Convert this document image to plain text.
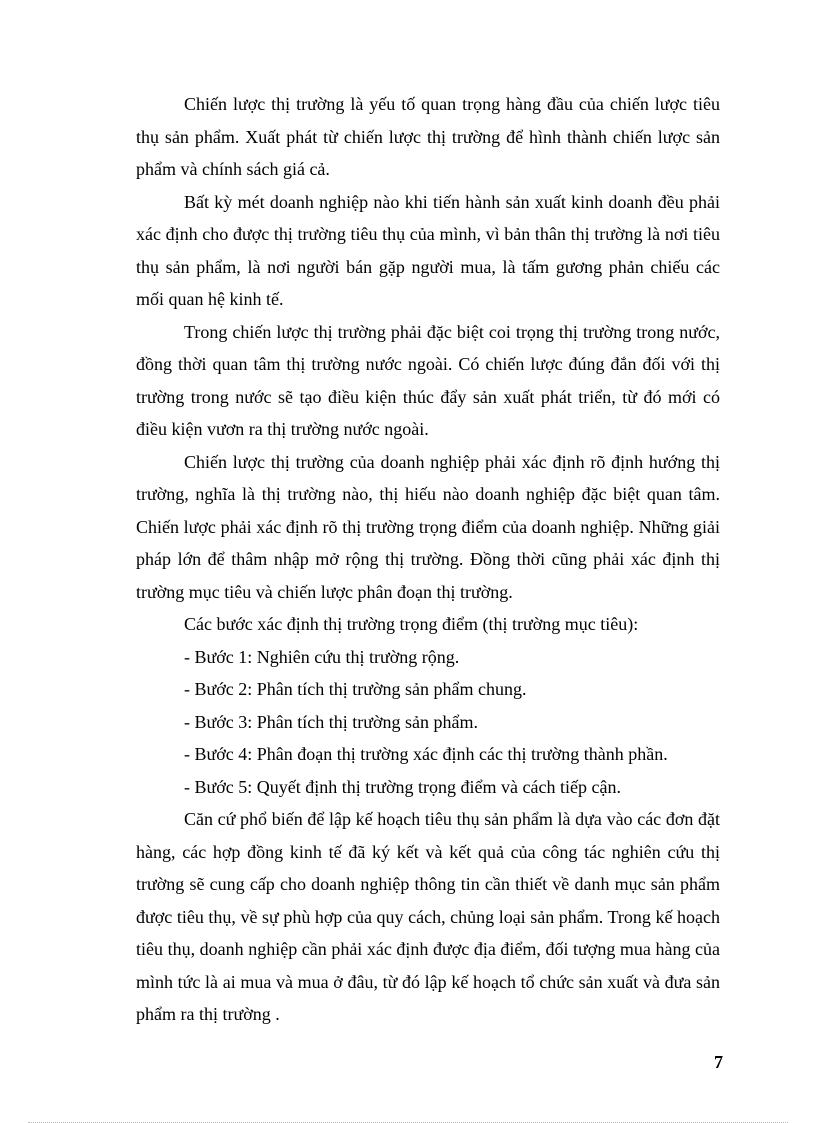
Chiến lược thị trường là yếu tố quan trọng hàng đầu của chiến lược tiêu thụ sản phẩm. Xuất phát từ chiến lược thị trường để hình thành chiến lược sản phẩm và chính sách giá cả.

Bất kỳ mét doanh nghiệp nào khi tiến hành sản xuất kinh doanh đều phải xác định cho được thị trường tiêu thụ của mình, vì bản thân thị trường là nơi tiêu thụ sản phẩm, là nơi người bán gặp người mua, là tấm gương phản chiếu các mối quan hệ kinh tế.

Trong chiến lược thị trường phải đặc biệt coi trọng thị trường trong nước, đồng thời quan tâm thị trường nước ngoài. Có chiến lược đúng đắn đối với thị trường trong nước sẽ tạo điều kiện thúc đẩy sản xuất phát triển, từ đó mới có điều kiện vươn ra thị trường nước ngoài.

Chiến lược thị trường của doanh nghiệp phải xác định rõ định hướng thị trường, nghĩa là thị trường nào, thị hiếu nào doanh nghiệp đặc biệt quan tâm. Chiến lược phải xác định rõ thị trường trọng điểm của doanh nghiệp. Những giải pháp lớn để thâm nhập mở rộng thị trường. Đồng thời cũng phải xác định thị trường mục tiêu và chiến lược phân đoạn thị trường.

Các bước xác định thị trường trọng điểm (thị trường mục tiêu):

- Bước 1: Nghiên cứu thị trường rộng.

- Bước 2: Phân tích thị trường sản phẩm chung.

- Bước 3: Phân tích thị trường sản phẩm.

- Bước 4: Phân đoạn thị trường xác định các thị trường thành phần.

- Bước 5: Quyết định thị trường trọng điểm và cách tiếp cận.

Căn cứ phổ biến để lập kế hoạch tiêu thụ sản phẩm là dựa vào các đơn đặt hàng, các hợp đồng kinh tế đã ký kết và kết quả của công tác nghiên cứu thị trường sẽ cung cấp cho doanh nghiệp thông tin cần thiết về danh mục sản phẩm được tiêu thụ, về sự phù hợp của quy cách, chủng loại sản phẩm. Trong kế hoạch tiêu thụ, doanh nghiệp cần phải xác định được địa điểm, đối tượng mua hàng của mình tức là ai mua và mua ở đâu, từ đó lập kế hoạch tổ chức sản xuất và đưa sản phẩm ra thị trường .

7
